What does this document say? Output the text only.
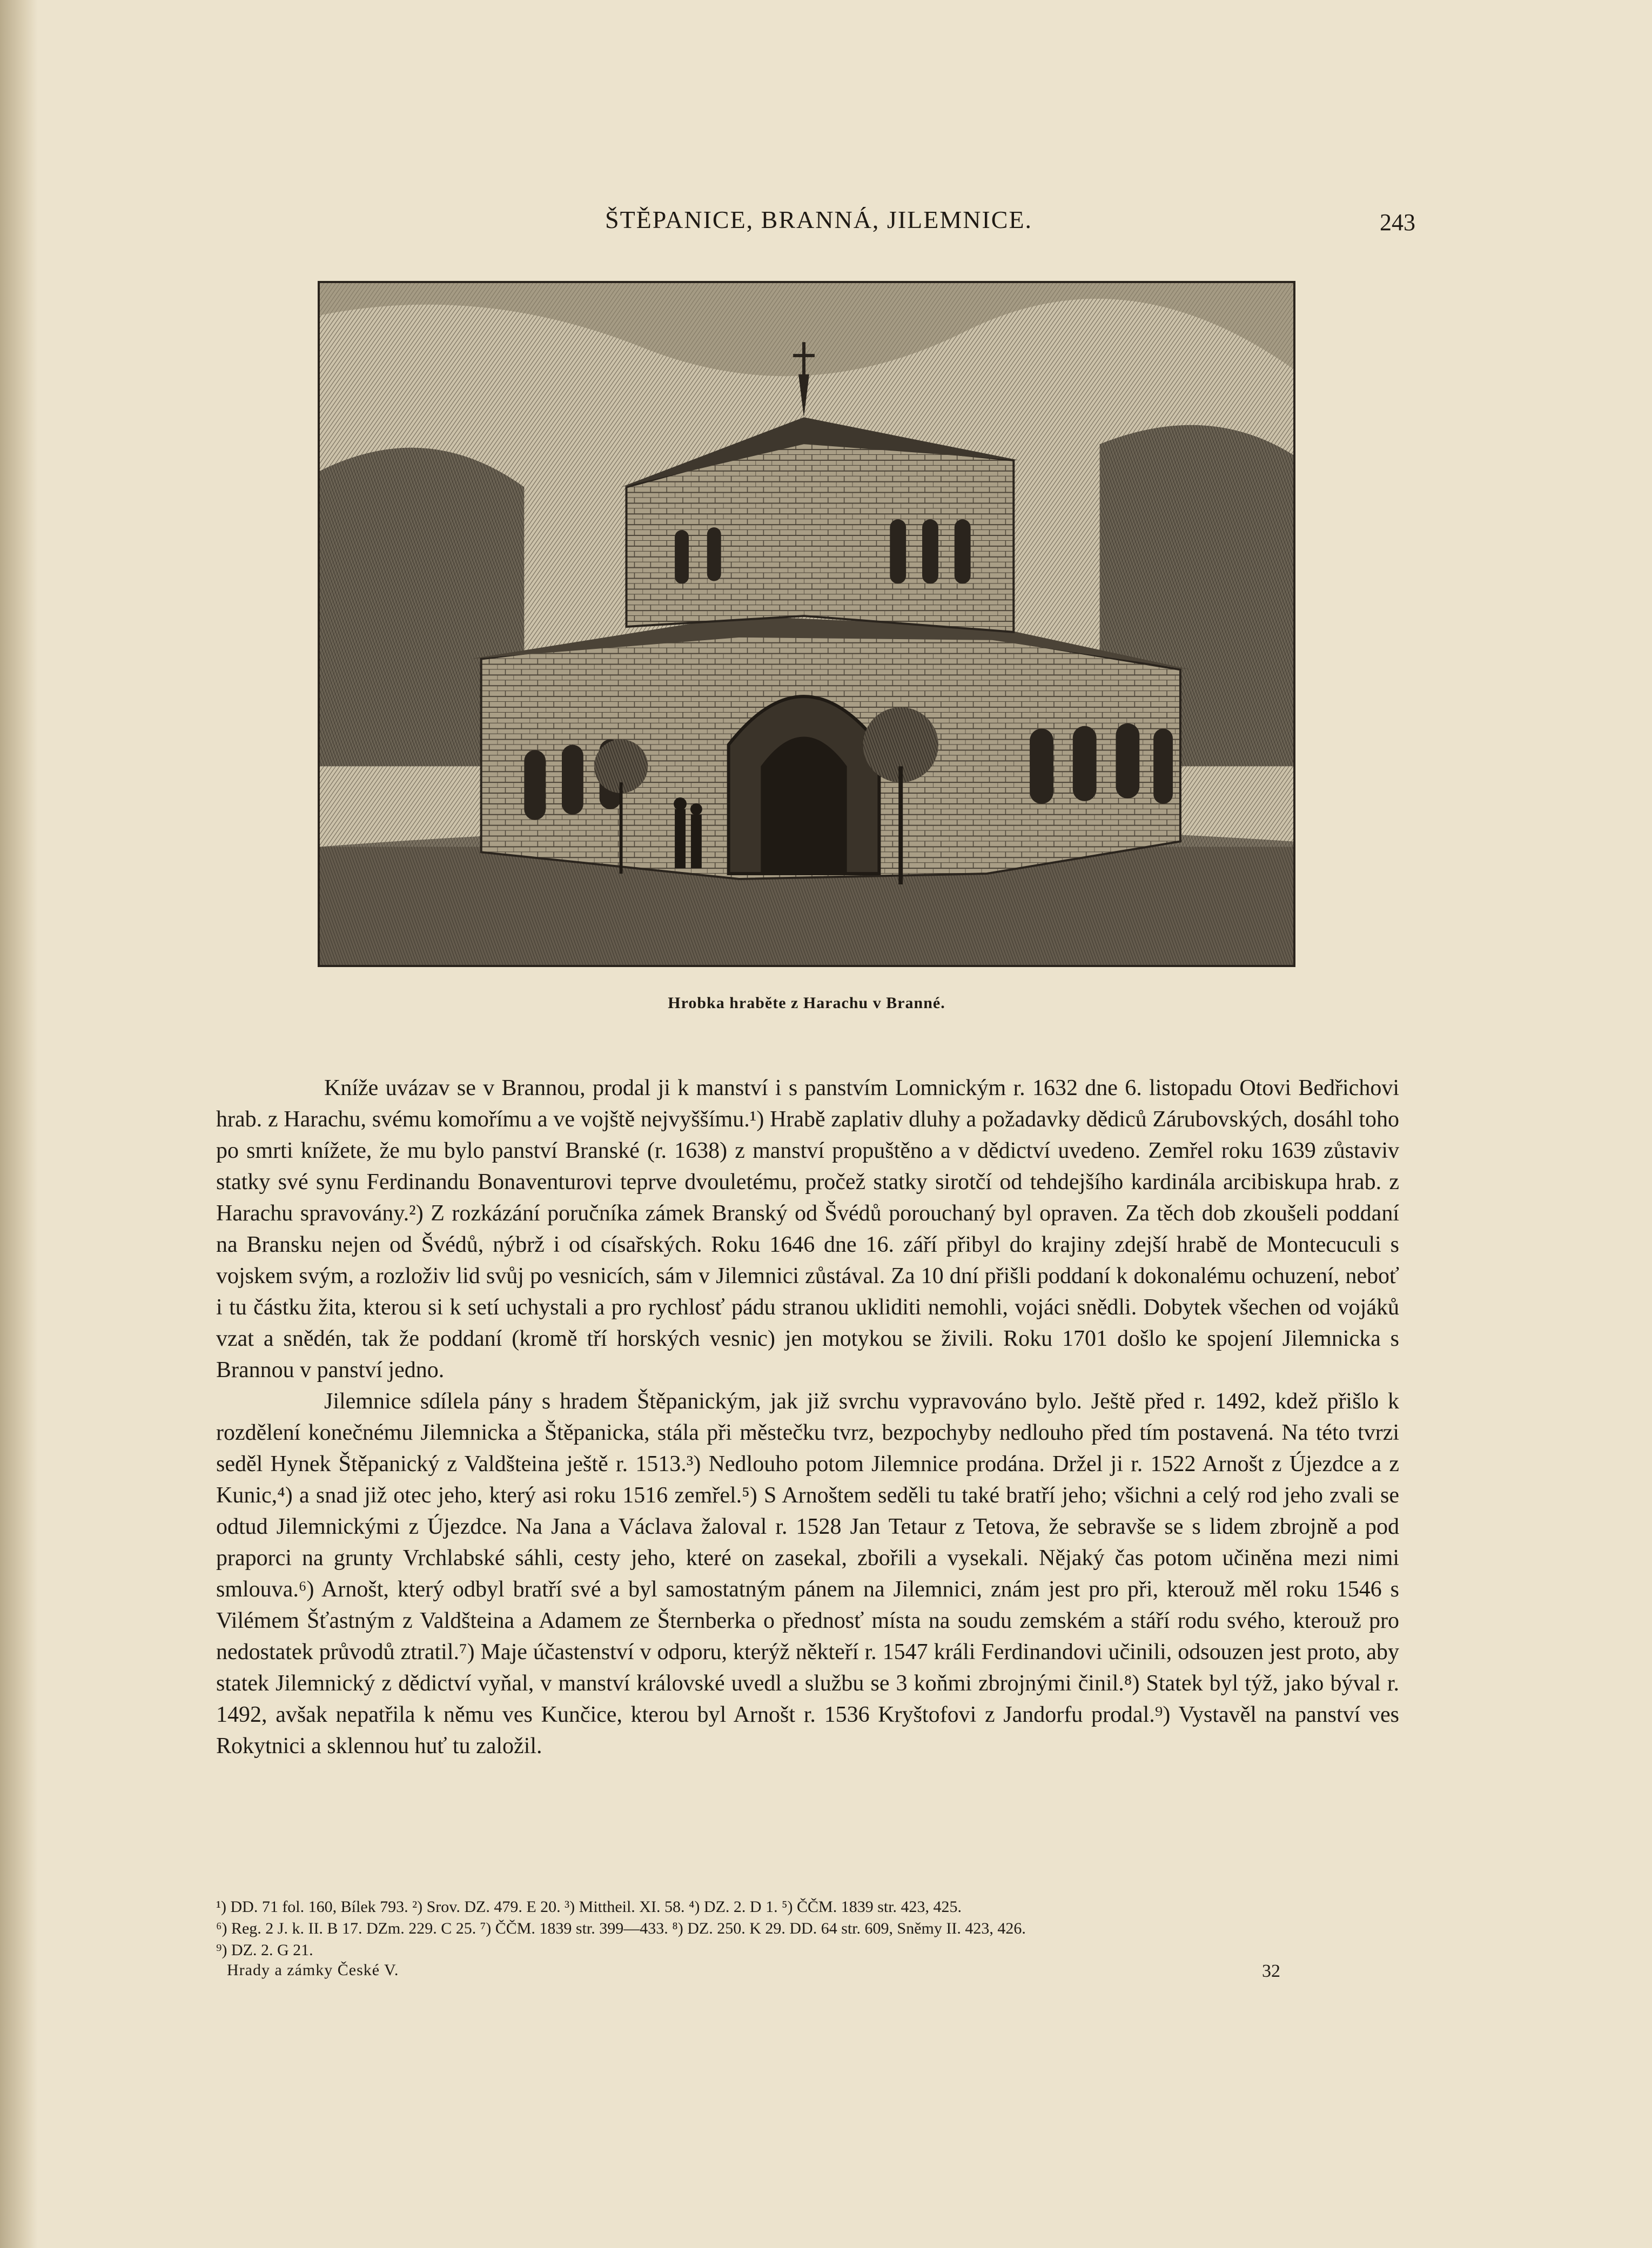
ŠTĚPANICE, BRANNÁ, JILEMNICE.	243
Hrobka hraběte z Harachu v Branné.

Kníže uvázav se v Brannou, prodal ji k manství i s panstvím Lomnickým r. 1632 dne 6. listopadu Otovi Bedřichovi hrab. z Harachu, svému komořímu a ve vojště nejvyššímu.¹) Hrabě zaplativ dluhy a požadavky dědiců Zárubovských, dosáhl toho po smrti knížete, že mu bylo panství Branské (r. 1638) z manství propuštěno a v dědictví uvedeno. Zemřel roku 1639 zůstaviv statky své synu Ferdinandu Bonaventurovi teprve dvouletému, pročež statky sirotčí od tehdejšího kardinála arcibiskupa hrab. z Harachu spravovány.²) Z rozkázání poručníka zámek Branský od Švédů porouchaný byl opraven. Za těch dob zkoušeli poddaní na Bransku nejen od Švédů, nýbrž i od císařských. Roku 1646 dne 16. září přibyl do krajiny zdejší hrabě de Montecuculi s vojskem svým, a rozloživ lid svůj po vesnicích, sám v Jilemnici zůstával. Za 10 dní přišli poddaní k dokonalému ochuzení, neboť i tu částku žita, kterou si k setí uchystali a pro rychlosť pádu stranou ukliditi nemohli, vojáci snědli. Dobytek všechen od vojáků vzat a snědén, tak že poddaní (kromě tří horských vesnic) jen motykou se živili. Roku 1701 došlo ke spojení Jilemnicka s Brannou v panství jedno.

Jilemnice sdílela pány s hradem Štěpanickým, jak již svrchu vypravováno bylo. Ještě před r. 1492, kdež přišlo k rozdělení konečnému Jilemnicka a Štěpanicka, stála při městečku tvrz, bezpochyby nedlouho před tím postavená. Na této tvrzi seděl Hynek Štěpanický z Valdšteina ještě r. 1513.³) Nedlouho potom Jilemnice prodána. Držel ji r. 1522 Arnošt z Újezdce a z Kunic,⁴) a snad již otec jeho, který asi roku 1516 zemřel.⁵) S Arnoštem seděli tu také bratří jeho; všichni a celý rod jeho zvali se odtud Jilemnickými z Újezdce. Na Jana a Václava žaloval r. 1528 Jan Tetaur z Tetova, že sebravše se s lidem zbrojně a pod praporci na grunty Vrchlabské sáhli, cesty jeho, které on zasekal, zbořili a vysekali. Nějaký čas potom učiněna mezi nimi smlouva.⁶) Arnošt, který odbyl bratří své a byl samostatným pánem na Jilemnici, znám jest pro při, kterouž měl roku 1546 s Vilémem Šťastným z Valdšteina a Adamem ze Šternberka o přednosť místa na soudu zemském a stáří rodu svého, kterouž pro nedostatek průvodů ztratil.⁷) Maje účastenství v odporu, kterýž někteří r. 1547 králi Ferdinandovi učinili, odsouzen jest proto, aby statek Jilemnický z dědictví vyňal, v manství královské uvedl a službu se 3 koňmi zbrojnými činil.⁸) Statek byl týž, jako býval r. 1492, avšak nepatřila k němu ves Kunčice, kterou byl Arnošt r. 1536 Kryštofovi z Jandorfu prodal.⁹) Vystavěl na panství ves Rokytnici a sklennou huť tu založil.

¹) DD. 71 fol. 160, Bílek 793. ²) Srov. DZ. 479. E 20. ³) Mittheil. XI. 58. ⁴) DZ. 2. D 1. ⁵) ČČM. 1839 str. 423, 425.
⁶) Reg. 2 J. k. II. B 17. DZm. 229. C 25. ⁷) ČČM. 1839 str. 399—433. ⁸) DZ. 250. K 29. DD. 64 str. 609, Sněmy II. 423, 426.
⁹) DZ. 2. G 21.
Hrady a zámky České V.	32
